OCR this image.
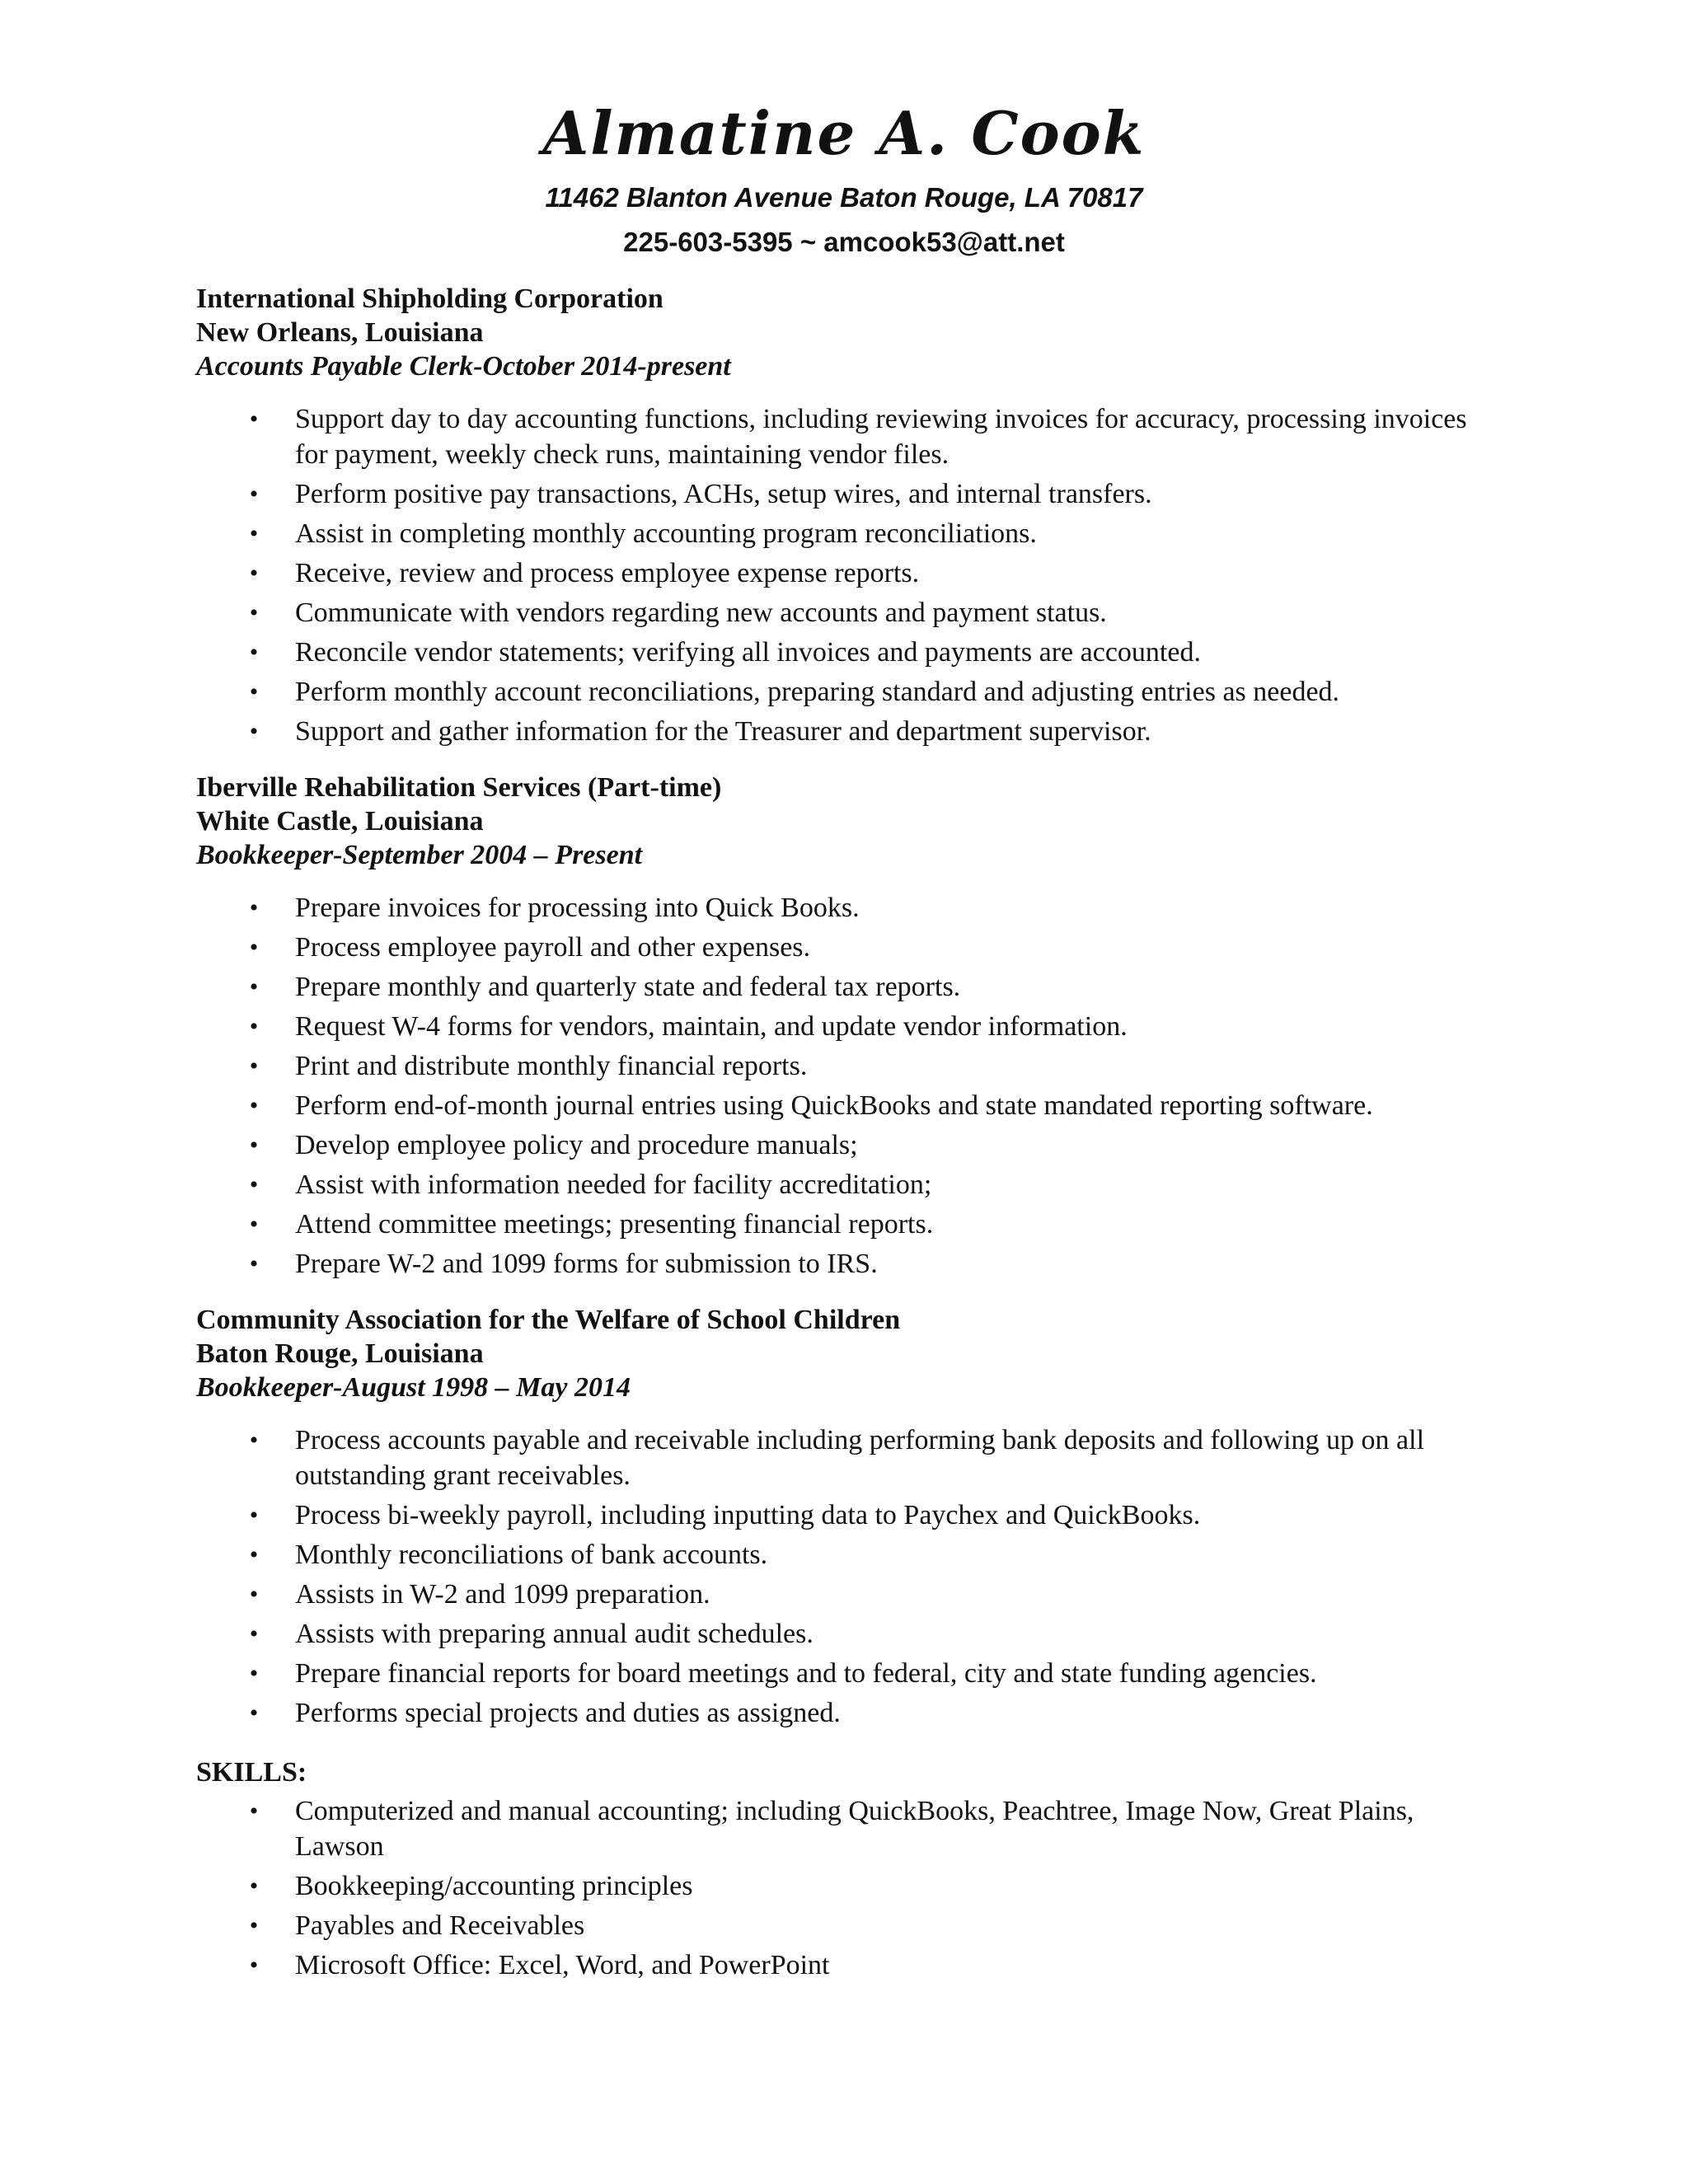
Almatine A. Cook
11462 Blanton Avenue Baton Rouge, LA 70817
225-603-5395 ~ amcook53@att.net
International Shipholding Corporation
New Orleans, Louisiana
Accounts Payable Clerk-October 2014-present
• Support day to day accounting functions, including reviewing invoices for accuracy, processing invoices for payment, weekly check runs, maintaining vendor files.
• Perform positive pay transactions, ACHs, setup wires, and internal transfers.
• Assist in completing monthly accounting program reconciliations.
• Receive, review and process employee expense reports.
• Communicate with vendors regarding new accounts and payment status.
• Reconcile vendor statements; verifying all invoices and payments are accounted.
• Perform monthly account reconciliations, preparing standard and adjusting entries as needed.
• Support and gather information for the Treasurer and department supervisor.
Iberville Rehabilitation Services (Part-time)
White Castle, Louisiana
Bookkeeper-September 2004 – Present
• Prepare invoices for processing into Quick Books.
• Process employee payroll and other expenses.
• Prepare monthly and quarterly state and federal tax reports.
• Request W-4 forms for vendors, maintain, and update vendor information.
• Print and distribute monthly financial reports.
• Perform end-of-month journal entries using QuickBooks and state mandated reporting software.
• Develop employee policy and procedure manuals;
• Assist with information needed for facility accreditation;
• Attend committee meetings; presenting financial reports.
• Prepare W-2 and 1099 forms for submission to IRS.
Community Association for the Welfare of School Children
Baton Rouge, Louisiana
Bookkeeper-August 1998 – May 2014
• Process accounts payable and receivable including performing bank deposits and following up on all outstanding grant receivables.
• Process bi-weekly payroll, including inputting data to Paychex and QuickBooks.
• Monthly reconciliations of bank accounts.
• Assists in W-2 and 1099 preparation.
• Assists with preparing annual audit schedules.
• Prepare financial reports for board meetings and to federal, city and state funding agencies.
• Performs special projects and duties as assigned.
SKILLS:
• Computerized and manual accounting; including QuickBooks, Peachtree, Image Now, Great Plains, Lawson
• Bookkeeping/accounting principles
• Payables and Receivables
• Microsoft Office: Excel, Word, and PowerPoint
